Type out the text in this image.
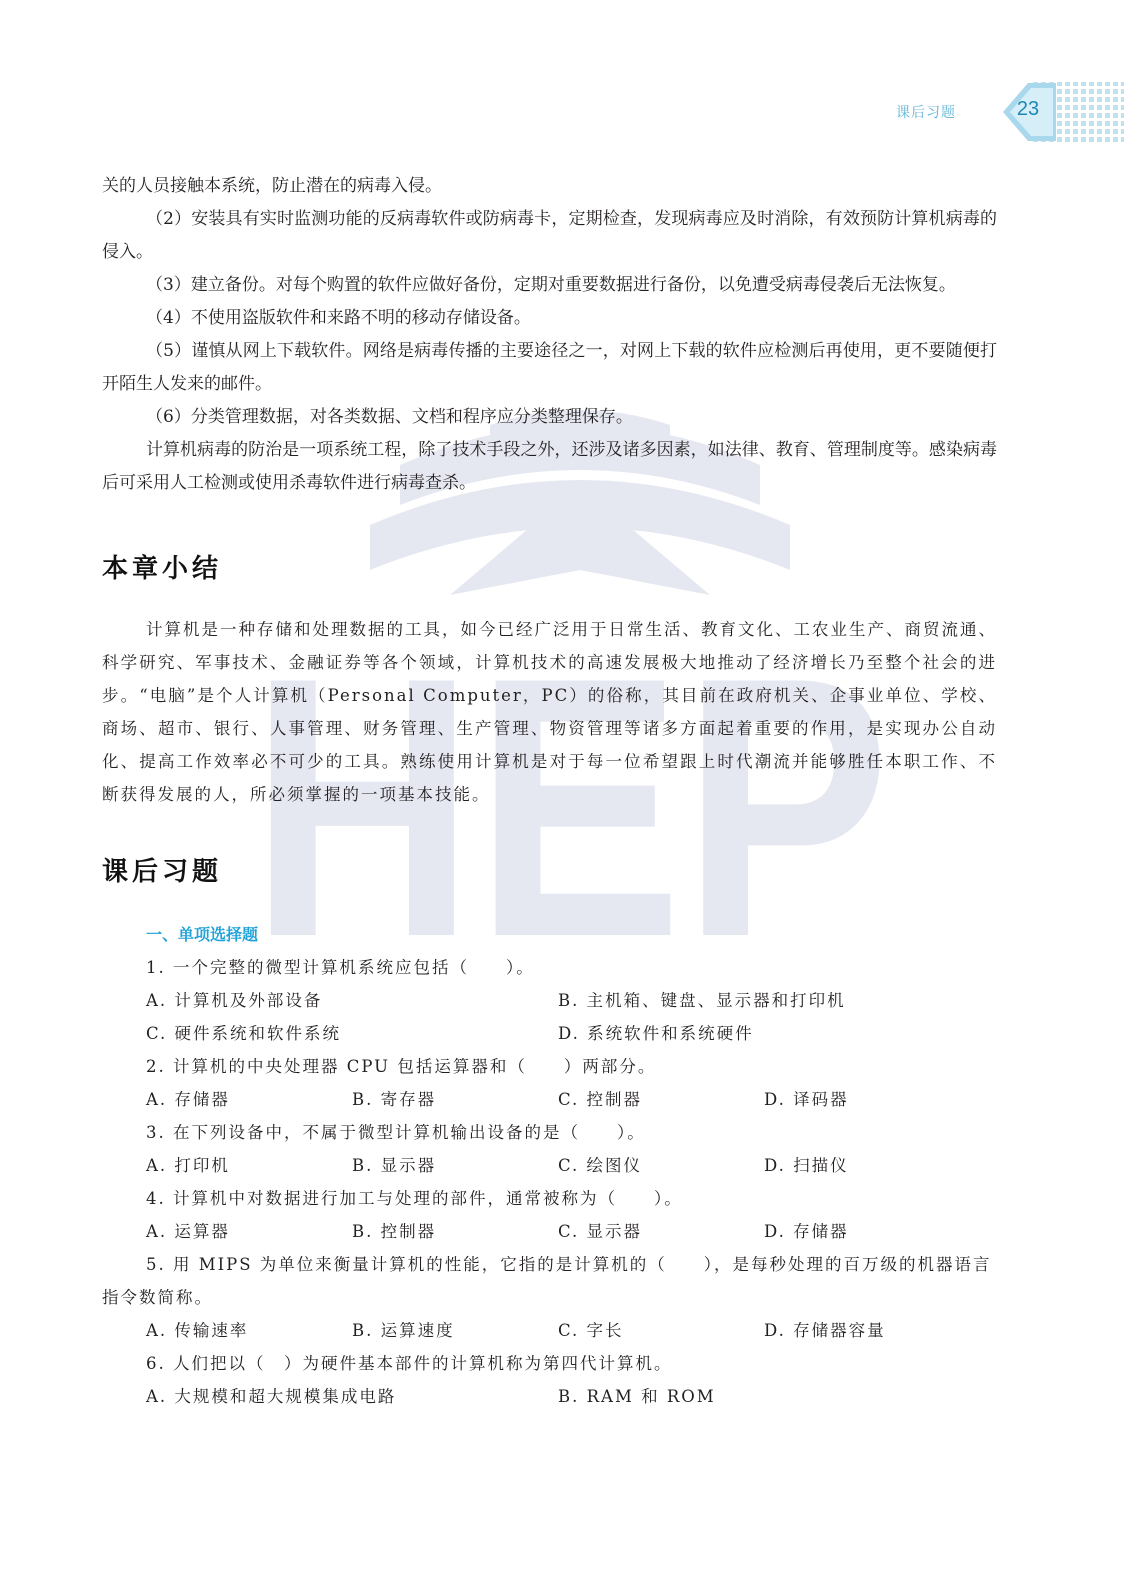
HEP
课后习题	23

关的人员接触本系统，防止潜在的病毒入侵。

（2）安装具有实时监测功能的反病毒软件或防病毒卡，定期检查，发现病毒应及时消除，有效预防计算机病毒的侵入。

（3）建立备份。对每个购置的软件应做好备份，定期对重要数据进行备份，以免遭受病毒侵袭后无法恢复。

（4）不使用盗版软件和来路不明的移动存储设备。

（5）谨慎从网上下载软件。网络是病毒传播的主要途径之一，对网上下载的软件应检测后再使用，更不要随便打开陌生人发来的邮件。

（6）分类管理数据，对各类数据、文档和程序应分类整理保存。

计算机病毒的防治是一项系统工程，除了技术手段之外，还涉及诸多因素，如法律、教育、管理制度等。感染病毒后可采用人工检测或使用杀毒软件进行病毒查杀。

本章小结

计算机是一种存储和处理数据的工具，如今已经广泛用于日常生活、教育文化、工农业生产、商贸流通、科学研究、军事技术、金融证券等各个领域，计算机技术的高速发展极大地推动了经济增长乃至整个社会的进步。“电脑”是个人计算机（Personal Computer，PC）的俗称，其目前在政府机关、企事业单位、学校、商场、超市、银行、人事管理、财务管理、生产管理、物资管理等诸多方面起着重要的作用，是实现办公自动化、提高工作效率必不可少的工具。熟练使用计算机是对于每一位希望跟上时代潮流并能够胜任本职工作、不断获得发展的人，所必须掌握的一项基本技能。

课后习题
一、单项选择题
1. 一个完整的微型计算机系统应包括（　　）。
A. 计算机及外部设备	B. 主机箱、键盘、显示器和打印机
C. 硬件系统和软件系统	D. 系统软件和系统硬件
2. 计算机的中央处理器 CPU 包括运算器和（　　）两部分。
A. 存储器	B. 寄存器	C. 控制器	D. 译码器
3. 在下列设备中，不属于微型计算机输出设备的是（　　）。
A. 打印机	B. 显示器	C. 绘图仪	D. 扫描仪
4. 计算机中对数据进行加工与处理的部件，通常被称为（　　）。
A. 运算器	B. 控制器	C. 显示器	D. 存储器
5. 用 MIPS 为单位来衡量计算机的性能，它指的是计算机的（　　），是每秒处理的百万级的机器语言指令数简称。
A. 传输速率	B. 运算速度	C. 字长	D. 存储器容量
6. 人们把以（　）为硬件基本部件的计算机称为第四代计算机。
A. 大规模和超大规模集成电路	B. RAM 和 ROM
